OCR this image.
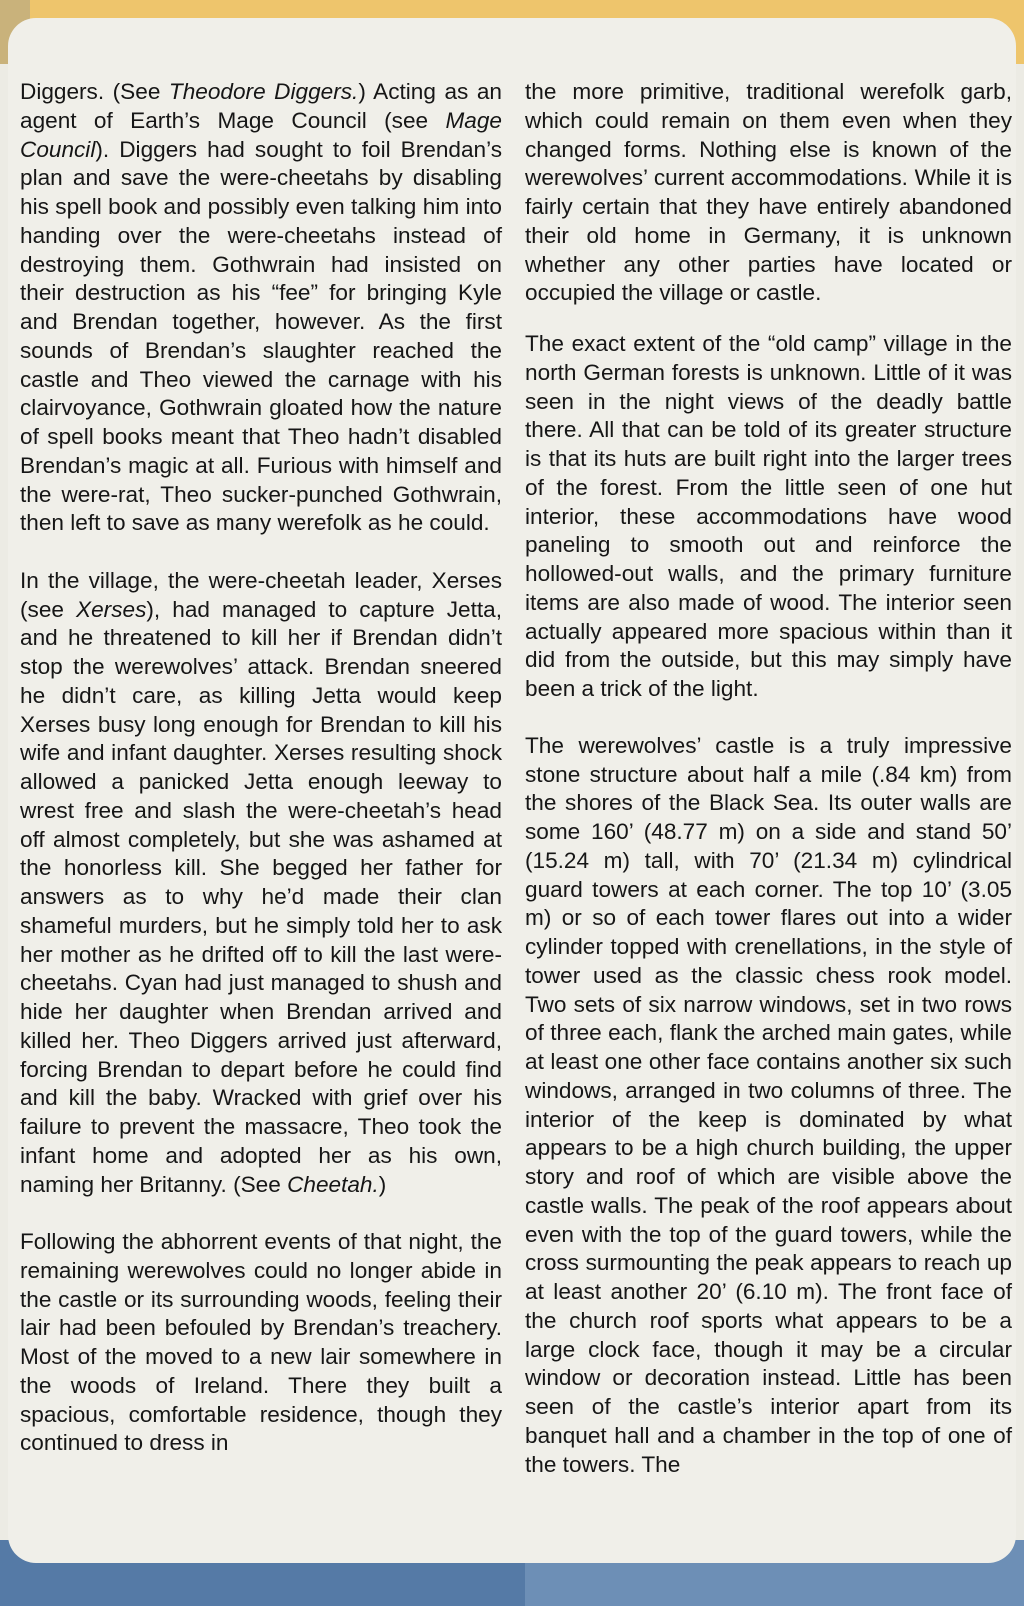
Diggers. (See Theodore Diggers.) Acting as an agent of Earth’s Mage Council (see Mage Council). Diggers had sought to foil Brendan’s plan and save the were-cheetahs by disabling his spell book and possibly even talking him into handing over the were-cheetahs instead of destroying them. Gothwrain had insisted on their destruction as his “fee” for bringing Kyle and Brendan together, however. As the first sounds of Brendan’s slaughter reached the castle and Theo viewed the carnage with his clairvoyance, Gothwrain gloated how the nature of spell books meant that Theo hadn’t disabled Brendan’s magic at all. Furious with himself and the were-rat, Theo sucker-punched Gothwrain, then left to save as many werefolk as he could.

In the village, the were-cheetah leader, Xerses (see Xerses), had managed to capture Jetta, and he threatened to kill her if Brendan didn’t stop the werewolves’ attack. Brendan sneered he didn’t care, as killing Jetta would keep Xerses busy long enough for Brendan to kill his wife and infant daughter. Xerses resulting shock allowed a panicked Jetta enough leeway to wrest free and slash the were-cheetah’s head off almost completely, but she was ashamed at the honorless kill. She begged her father for answers as to why he’d made their clan shameful murders, but he simply told her to ask her mother as he drifted off to kill the last were-cheetahs. Cyan had just managed to shush and hide her daughter when Brendan arrived and killed her. Theo Diggers arrived just afterward, forcing Brendan to depart before he could find and kill the baby. Wracked with grief over his failure to prevent the massacre, Theo took the infant home and adopted her as his own, naming her Britanny. (See Cheetah.)

Following the abhorrent events of that night, the remaining werewolves could no longer abide in the castle or its surrounding woods, feeling their lair had been befouled by Brendan’s treachery. Most of the moved to a new lair somewhere in the woods of Ireland. There they built a spacious, comfortable residence, though they continued to dress in

the more primitive, traditional werefolk garb, which could remain on them even when they changed forms. Nothing else is known of the werewolves’ current accommodations. While it is fairly certain that they have entirely abandoned their old home in Germany, it is unknown whether any other parties have located or occupied the village or castle.

The exact extent of the “old camp” village in the north German forests is unknown. Little of it was seen in the night views of the deadly battle there. All that can be told of its greater structure is that its huts are built right into the larger trees of the forest. From the little seen of one hut interior, these accommodations have wood paneling to smooth out and reinforce the hollowed-out walls, and the primary furniture items are also made of wood. The interior seen actually appeared more spacious within than it did from the outside, but this may simply have been a trick of the light.

The werewolves’ castle is a truly impressive stone structure about half a mile (.84 km) from the shores of the Black Sea. Its outer walls are some 160’ (48.77 m) on a side and stand 50’ (15.24 m) tall, with 70’ (21.34 m) cylindrical guard towers at each corner. The top 10’ (3.05 m) or so of each tower flares out into a wider cylinder topped with crenellations, in the style of tower used as the classic chess rook model. Two sets of six narrow windows, set in two rows of three each, flank the arched main gates, while at least one other face contains another six such windows, arranged in two columns of three. The interior of the keep is dominated by what appears to be a high church building, the upper story and roof of which are visible above the castle walls. The peak of the roof appears about even with the top of the guard towers, while the cross surmounting the peak appears to reach up at least another 20’ (6.10 m). The front face of the church roof sports what appears to be a large clock face, though it may be a circular window or decoration instead. Little has been seen of the castle’s interior apart from its banquet hall and a chamber in the top of one of the towers. The
